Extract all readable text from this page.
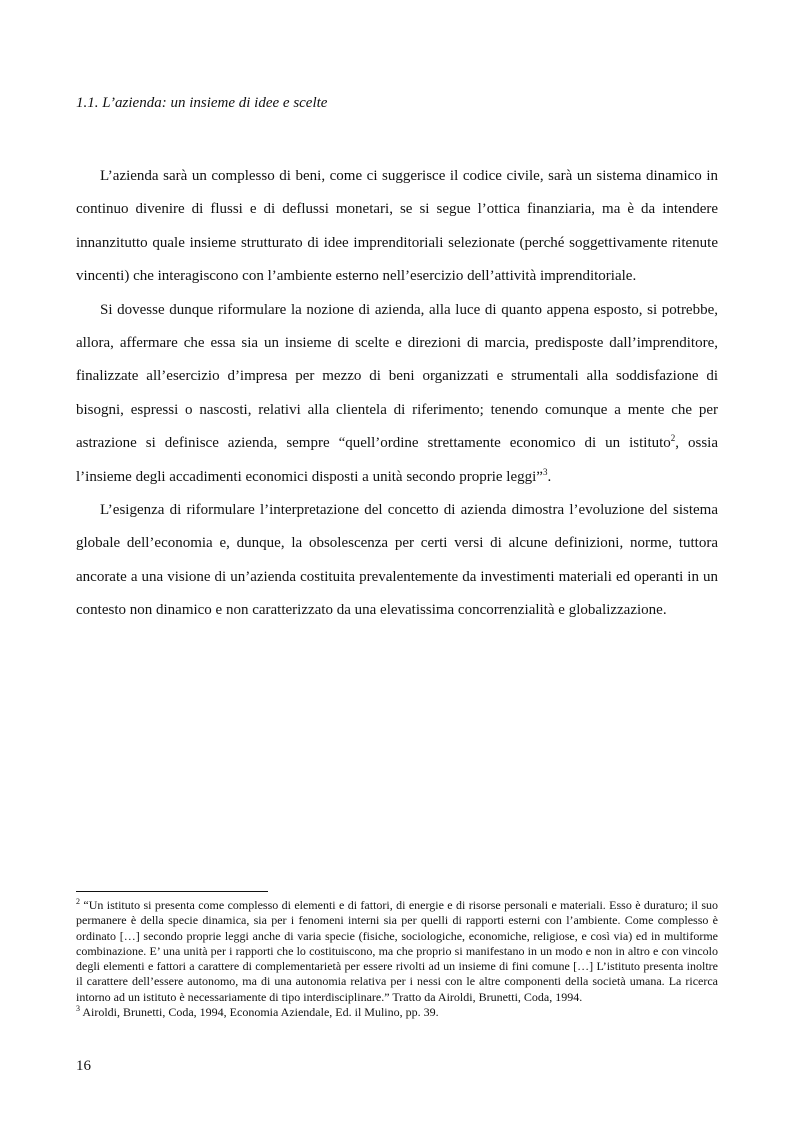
1.1. L’azienda: un insieme di idee e scelte

L’azienda sarà un complesso di beni, come ci suggerisce il codice civile, sarà un sistema dinamico in continuo divenire di flussi e di deflussi monetari, se si segue l’ottica finanziaria, ma è da intendere innanzitutto quale insieme strutturato di idee imprenditoriali selezionate (perché soggettivamente ritenute vincenti) che interagiscono con l’ambiente esterno nell’esercizio dell’attività imprenditoriale.

Si dovesse dunque riformulare la nozione di azienda, alla luce di quanto appena esposto, si potrebbe, allora, affermare che essa sia un insieme di scelte e direzioni di marcia, predisposte dall’imprenditore, finalizzate all’esercizio d’impresa per mezzo di beni organizzati e strumentali alla soddisfazione di bisogni, espressi o nascosti, relativi alla clientela di riferimento; tenendo comunque a mente che per astrazione si definisce azienda, sempre “quell’ordine strettamente economico di un istituto$^2$, ossia l’insieme degli accadimenti economici disposti a unità secondo proprie leggi”$^3$.

L’esigenza di riformulare l’interpretazione del concetto di azienda dimostra l’evoluzione del sistema globale dell’economia e, dunque, la obsolescenza per certi versi di alcune definizioni, norme, tuttora ancorate a una visione di un’azienda costituita prevalentemente da investimenti materiali ed operanti in un contesto non dinamico e non caratterizzato da una elevatissima concorrenzialità e globalizzazione.

$^2$ “Un istituto si presenta come complesso di elementi e di fattori, di energie e di risorse personali e materiali. Esso è duraturo; il suo permanere è della specie dinamica, sia per i fenomeni interni sia per quelli di rapporti esterni con l’ambiente. Come complesso è ordinato […] secondo proprie leggi anche di varia specie (fisiche, sociologiche, economiche, religiose, e così via) ed in multiforme combinazione. E’ una unità per i rapporti che lo costituiscono, ma che proprio si manifestano in un modo e non in altro e con vincolo degli elementi e fattori a carattere di complementarietà per essere rivolti ad un insieme di fini comune […] L’istituto presenta inoltre il carattere dell’essere autonomo, ma di una autonomia relativa per i nessi con le altre componenti della società umana. La ricerca intorno ad un istituto è necessariamente di tipo interdisciplinare.” Tratto da Airoldi, Brunetti, Coda, 1994.

$^3$ Airoldi, Brunetti, Coda, 1994, Economia Aziendale, Ed. il Mulino, pp. 39.

16
